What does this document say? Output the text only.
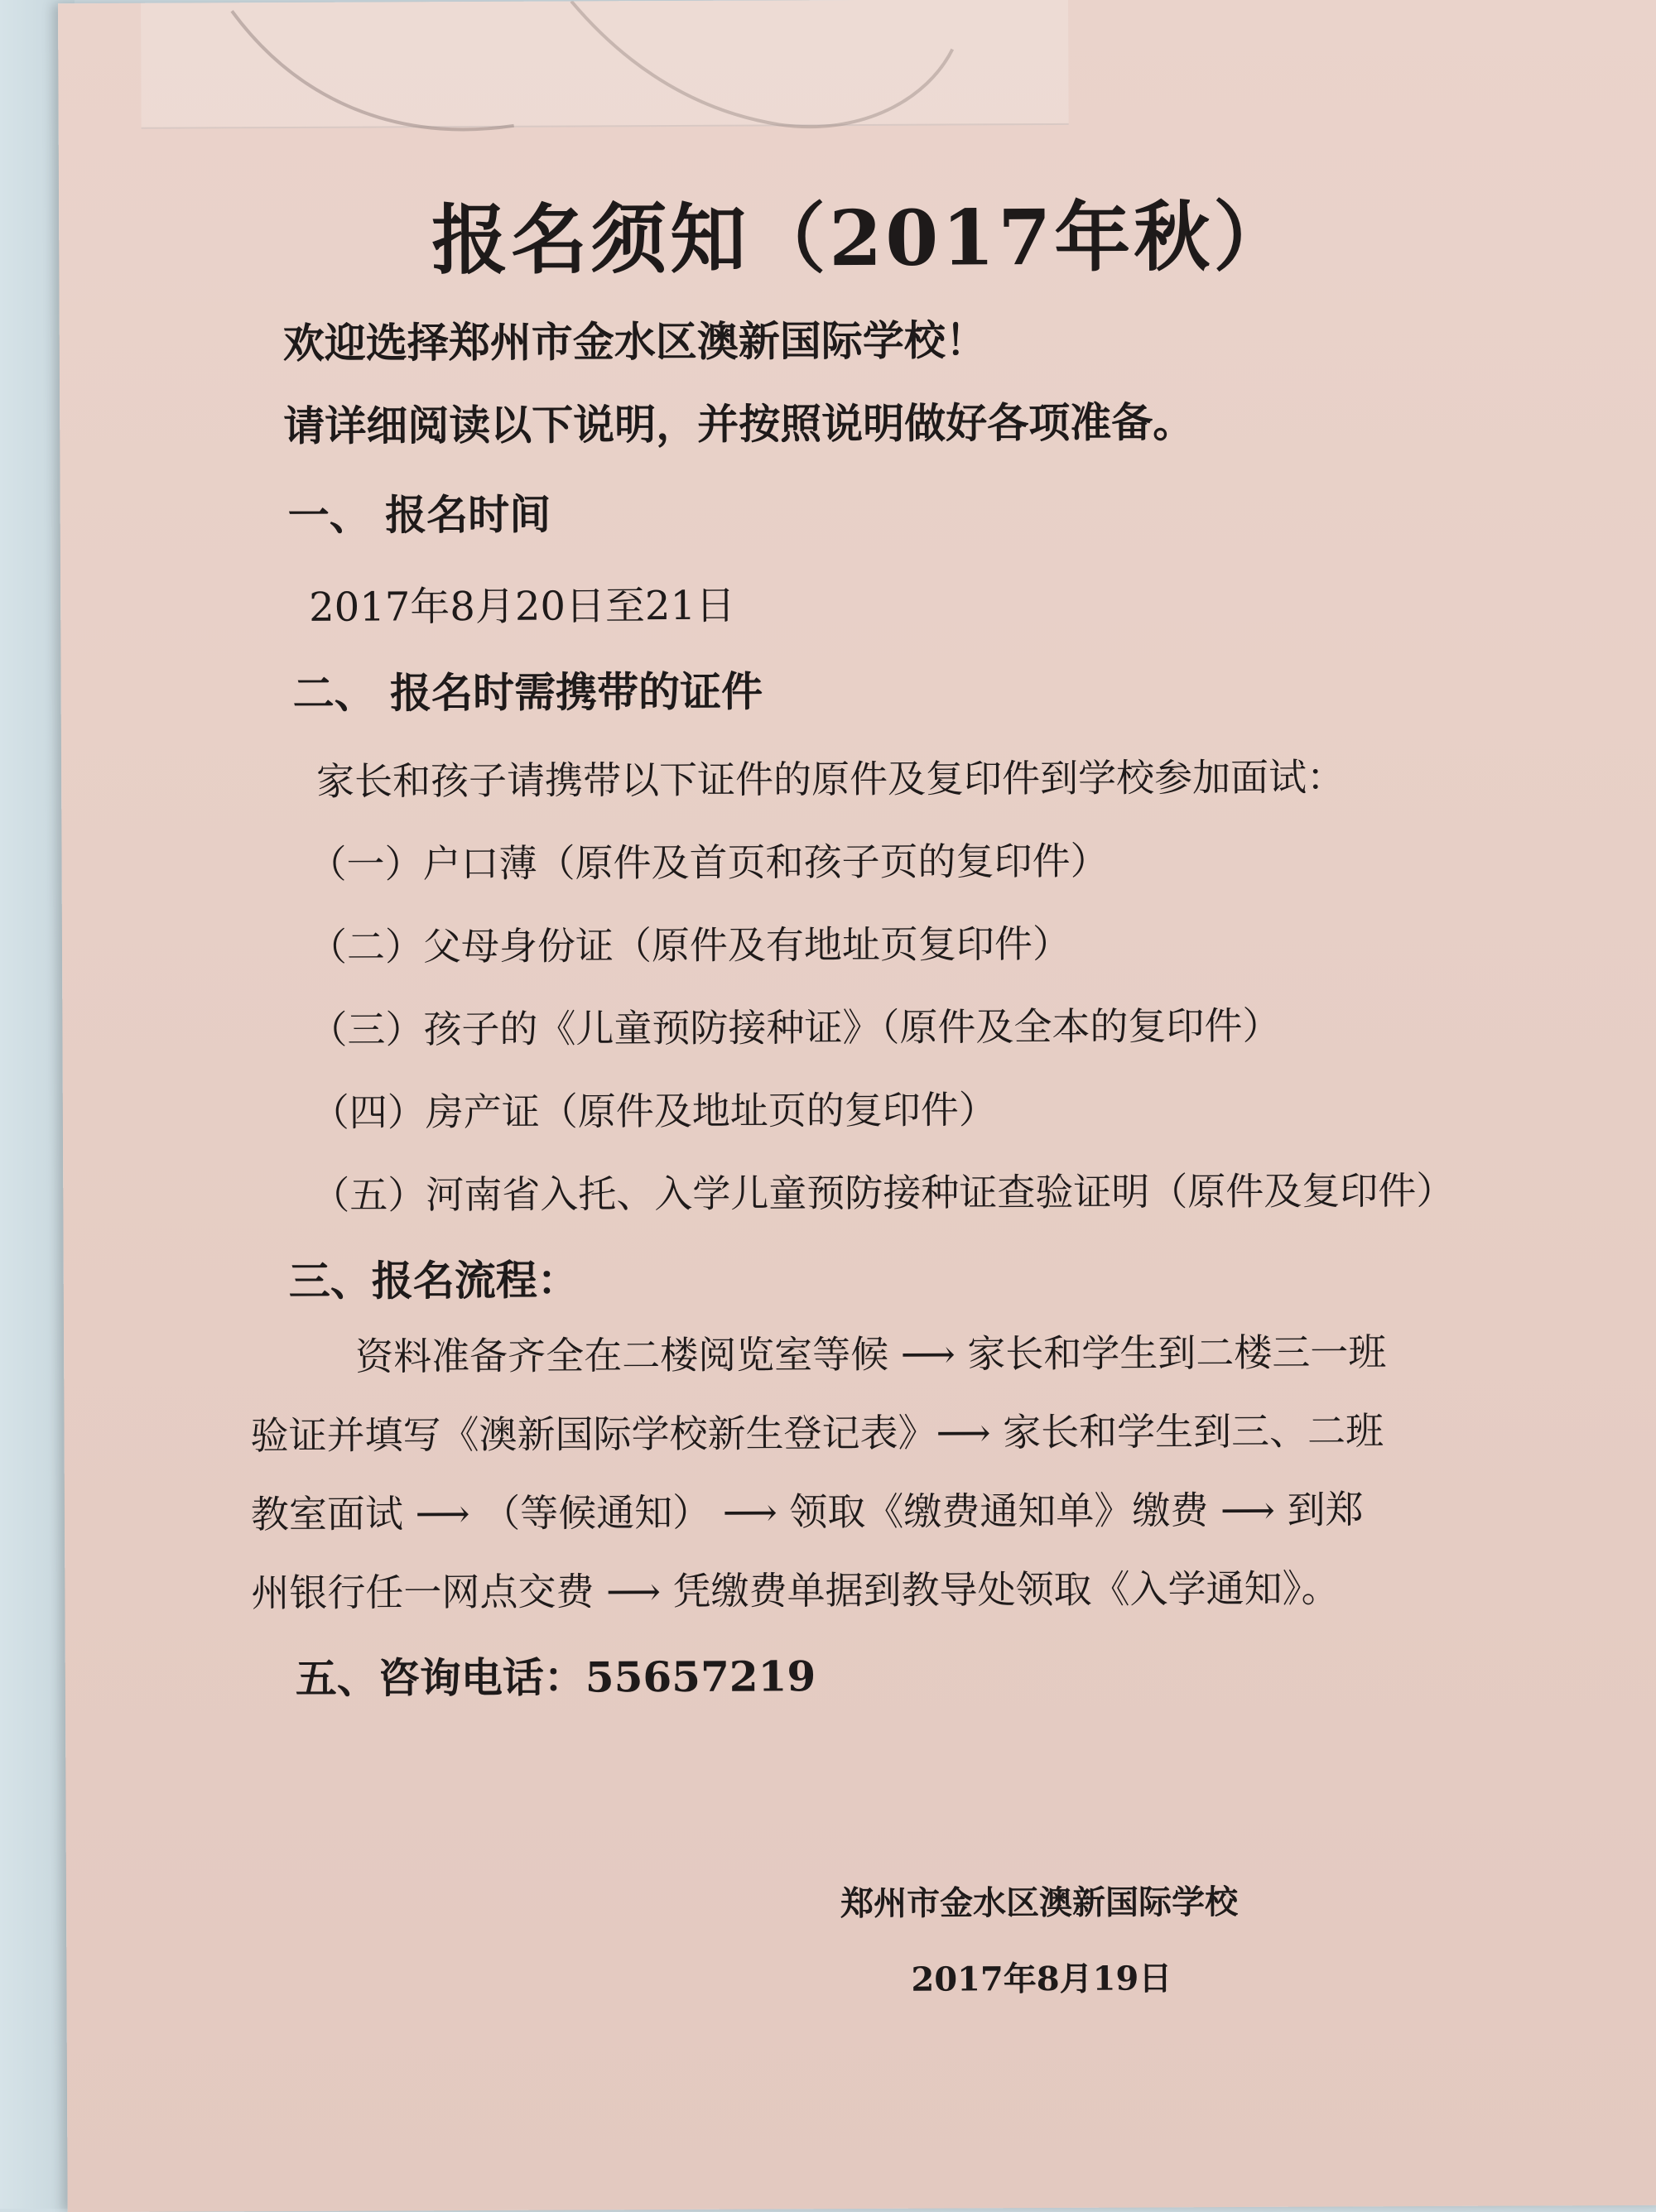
报名须知（2017年秋）
欢迎选择郑州市金水区澳新国际学校！
请详细阅读以下说明，并按照说明做好各项准备。
一、 报名时间
2017年8月20日至21日
二、 报名时需携带的证件
家长和孩子请携带以下证件的原件及复印件到学校参加面试：
（一）户口薄（原件及首页和孩子页的复印件）
（二）父母身份证（原件及有地址页复印件）
（三）孩子的《儿童预防接种证》（原件及全本的复印件）
（四）房产证（原件及地址页的复印件）
（五）河南省入托、入学儿童预防接种证查验证明（原件及复印件）
三、报名流程：
资料准备齐全在二楼阅览室等候 ⟶ 家长和学生到二楼三一班
验证并填写《澳新国际学校新生登记表》⟶ 家长和学生到三、二班
教室面试 ⟶ （等候通知） ⟶ 领取《缴费通知单》缴费 ⟶ 到郑
州银行任一网点交费 ⟶ 凭缴费单据到教导处领取《入学通知》。
五、咨询电话：55657219
郑州市金水区澳新国际学校
2017年8月19日
